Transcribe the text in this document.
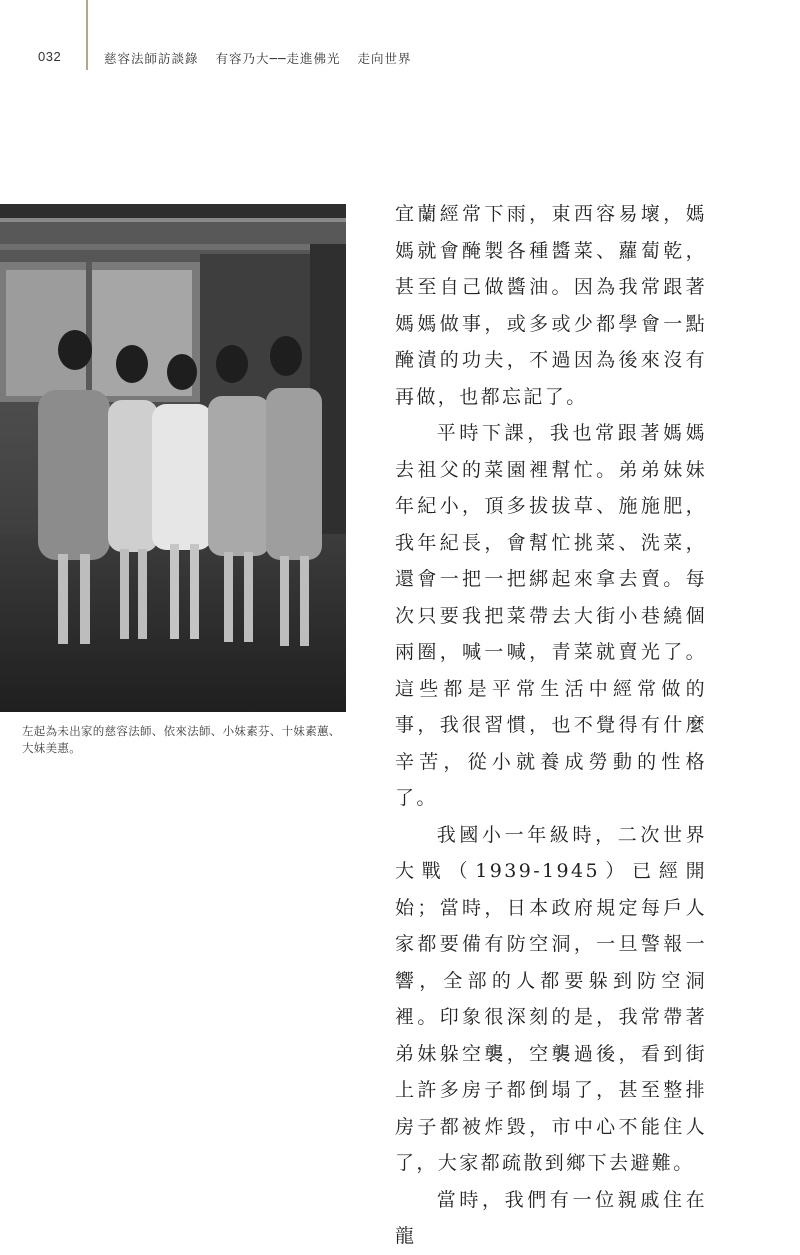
032	慈容法師訪談錄 有容乃大──走進佛光 走向世界
左起為未出家的慈容法師、依來法師、小妹素芬、十妹素蕙、大妹美惠。

宜蘭經常下雨，東西容易壞，媽媽就會醃製各種醬菜、蘿蔔乾，甚至自己做醬油。因為我常跟著媽媽做事，或多或少都學會一點醃漬的功夫，不過因為後來沒有再做，也都忘記了。

平時下課，我也常跟著媽媽去祖父的菜園裡幫忙。弟弟妹妹年紀小，頂多拔拔草、施施肥，我年紀長，會幫忙挑菜、洗菜，還會一把一把綁起來拿去賣。每次只要我把菜帶去大街小巷繞個兩圈，喊一喊，青菜就賣光了。這些都是平常生活中經常做的事，我很習慣，也不覺得有什麼辛苦，從小就養成勞動的性格了。

我國小一年級時，二次世界大戰（1939-1945）已經開始；當時，日本政府規定每戶人家都要備有防空洞，一旦警報一響，全部的人都要躲到防空洞裡。印象很深刻的是，我常帶著弟妹躲空襲，空襲過後，看到街上許多房子都倒塌了，甚至整排房子都被炸毀，市中心不能住人了，大家都疏散到鄉下去避難。

當時，我們有一位親戚住在龍
